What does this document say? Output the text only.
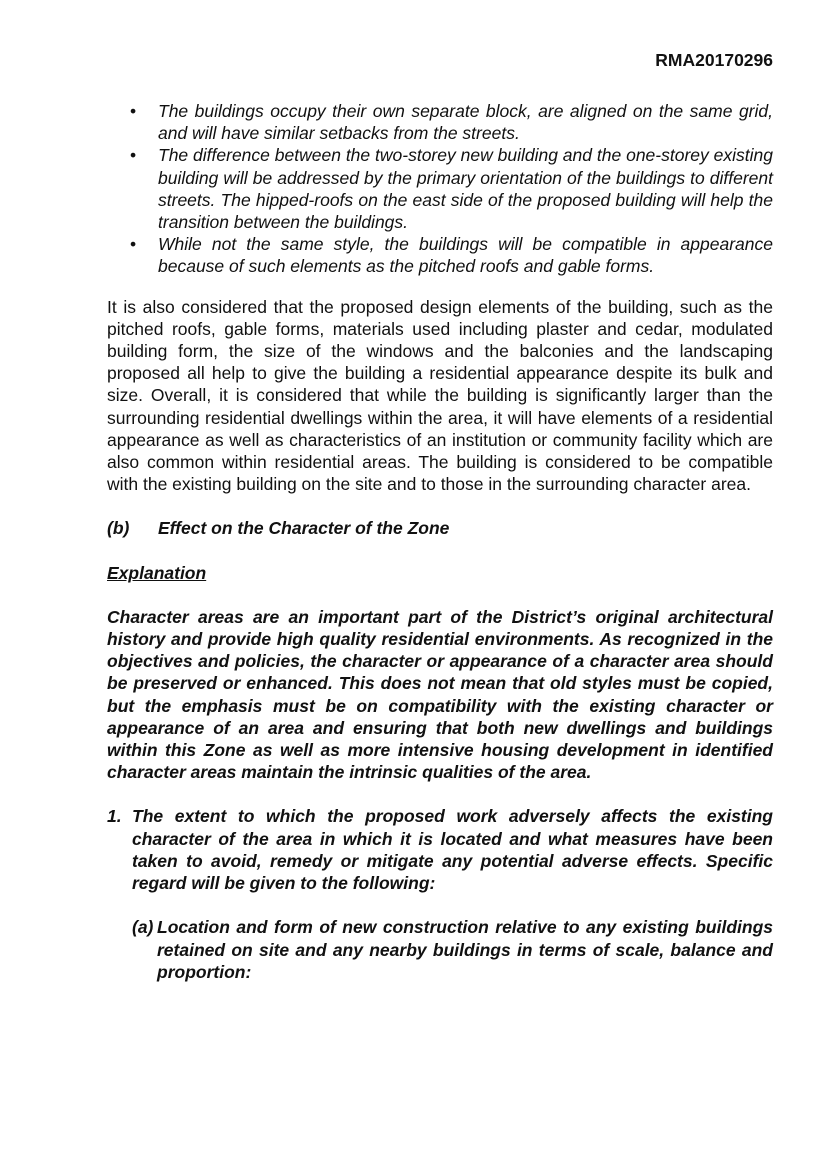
RMA20170296
• The buildings occupy their own separate block, are aligned on the same grid, and will have similar setbacks from the streets.
• The difference between the two-storey new building and the one-storey existing building will be addressed by the primary orientation of the buildings to different streets. The hipped-roofs on the east side of the proposed building will help the transition between the buildings.
• While not the same style, the buildings will be compatible in appearance because of such elements as the pitched roofs and gable forms.

It is also considered that the proposed design elements of the building, such as the pitched roofs, gable forms, materials used including plaster and cedar, modulated building form, the size of the windows and the balconies and the landscaping proposed all help to give the building a residential appearance despite its bulk and size. Overall, it is considered that while the building is significantly larger than the surrounding residential dwellings within the area, it will have elements of a residential appearance as well as characteristics of an institution or community facility which are also common within residential areas. The building is considered to be compatible with the existing building on the site and to those in the surrounding character area.

(b) Effect on the Character of the Zone

Explanation

Character areas are an important part of the District’s original architectural history and provide high quality residential environments. As recognized in the objectives and policies, the character or appearance of a character area should be preserved or enhanced. This does not mean that old styles must be copied, but the emphasis must be on compatibility with the existing character or appearance of an area and ensuring that both new dwellings and buildings within this Zone as well as more intensive housing development in identified character areas maintain the intrinsic qualities of the area.

1. The extent to which the proposed work adversely affects the existing character of the area in which it is located and what measures have been taken to avoid, remedy or mitigate any potential adverse effects. Specific regard will be given to the following:
(a) Location and form of new construction relative to any existing buildings retained on site and any nearby buildings in terms of scale, balance and proportion:
